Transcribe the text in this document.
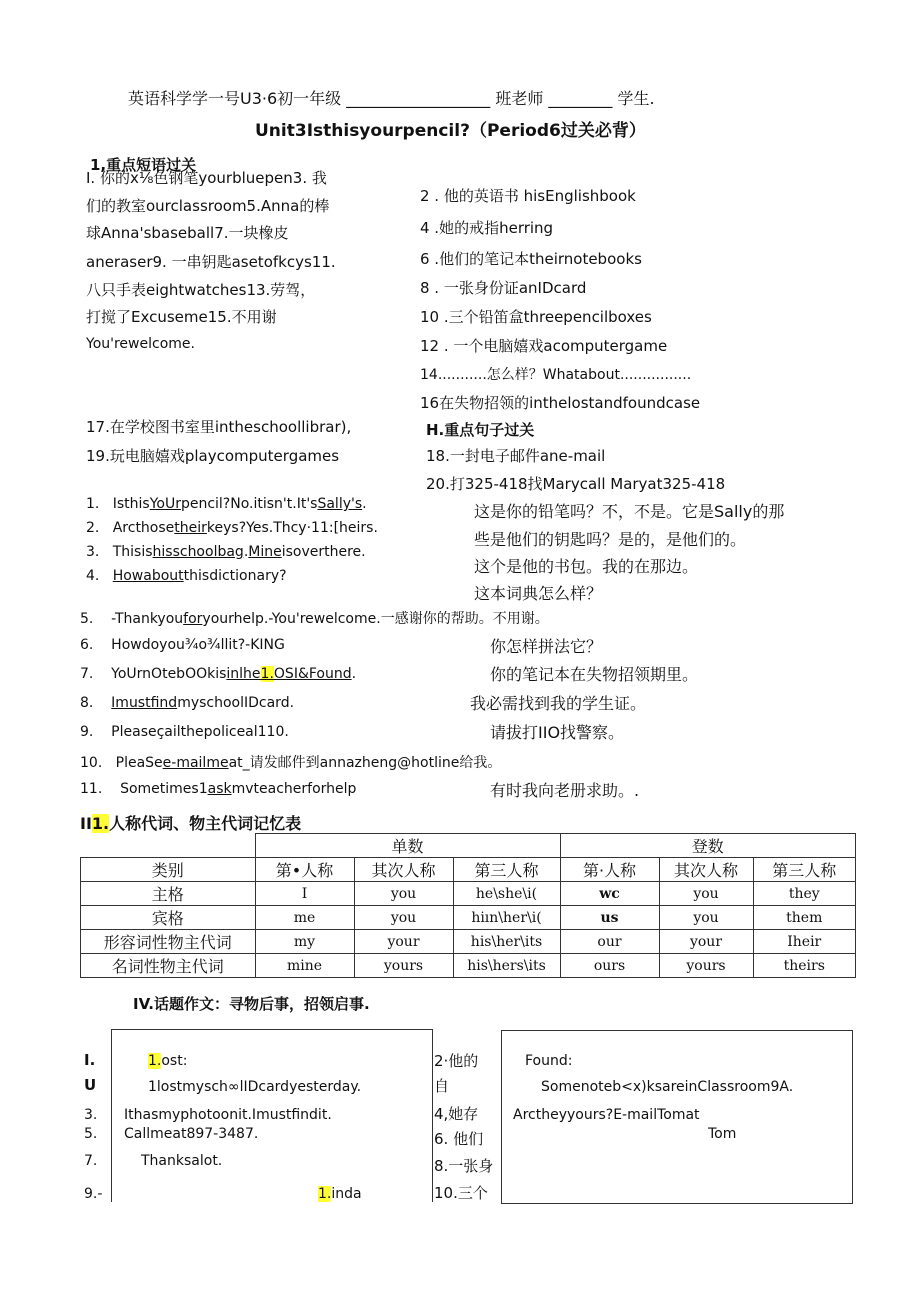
英语科学学一号U3·6初一年级 __________________ 班老师 ________ 学生.
Unit3Isthisyourpencil?（Period6过关必背）
1,重点短语过关
I. 你的ⅹ⅛色钢笔yourbluepen3. 我
们的教室ourclassroom5.Anna的棒
球Anna'sbaseball7.一块橡皮
aneraser9. 一串钥匙asetofkcys11.
八只手表eightwatches13.劳驾，
打搅了Excuseme15.不用谢
You'rewelcome.
2 . 他的英语书 hisEnglishbook
4 .她的戒指herring
6 .他们的笔记本theirnotebooks
8 . 一张身份证anIDcard
10 .三个铅笛盒threepencilboxes
12 . 一个电脑嬉戏acomputergame
14...........怎么样？Whatabout................
16在失物招领的inthelostandfoundcase
17.在学校图书室里intheschoollibrar),
19.玩电脑嬉戏playcomputergames	18.一封电子邮件ane-mail
20.打325-418找Marycall Maryat325-418
H.重点句子过关
1. IsthisYoUrpencil?No.itisn't.It'sSally's.	这是你的铅笔吗？不，不是。它是Sally的那
2. Arcthosetheirkeys?Yes.Thcy·11:[heirs.
些是他们的钥匙吗？是的，是他们的。
3. Thisishisschoolbag.Mineisoverthere.
这个是他的书包。我的在那边。
4. Howaboutthisdictionary?
这本词典怎么样？
5. -Thankyouforyourhelp.-You'rewelcome.一感谢你的帮助。不用谢。
6. Howdoyou¾o¾llit?-KING	你怎样拼法它？
7. YoUrnOtebOOkisinlhe1.OSI&Found.	你的笔记本在失物招领期里。
8. ImustfindmyschoolIDcard.	我必需找到我的学生证。
9. Pleaseçailthepoliceal110.	请拔打IIO找警察。
10. PleaSee-mailmeat_请发邮件到annazheng@hotline给我。
11. Sometimes1askmvteacherforhelp	有时我向老册求助。.
II1.人称代词、物主代词记忆表
	单数			登数		
类别	第•人称	其次人称	第三人称	第·人称	其次人称	第三人称
主格	I	you	he\she\i(	wc	you	they
宾格	me	you	hiın\her\i(	us	you	them
形容词性物主代词	my	your	his\her\its	our	your	Iheir
名词性物主代词	mine	yours	his\hers\its	ours	yours	theirs
IV.话题作文：寻物后事，招领启事.
I.
U
3.
5.
7.
9.-
1.ost:
1lostmysch∞lIDcardyesterday.
Ithasmyphotoonit.Imustfindit.
Callmeat897-3487.
Thanksalot.
1.inda
2·他的
自
4,她存
6. 他们
8.一张身
10.三个
Found:
Somenoteb<x)ksareinClassroom9A.
Arctheyyours?E-mailTomat
Tom
